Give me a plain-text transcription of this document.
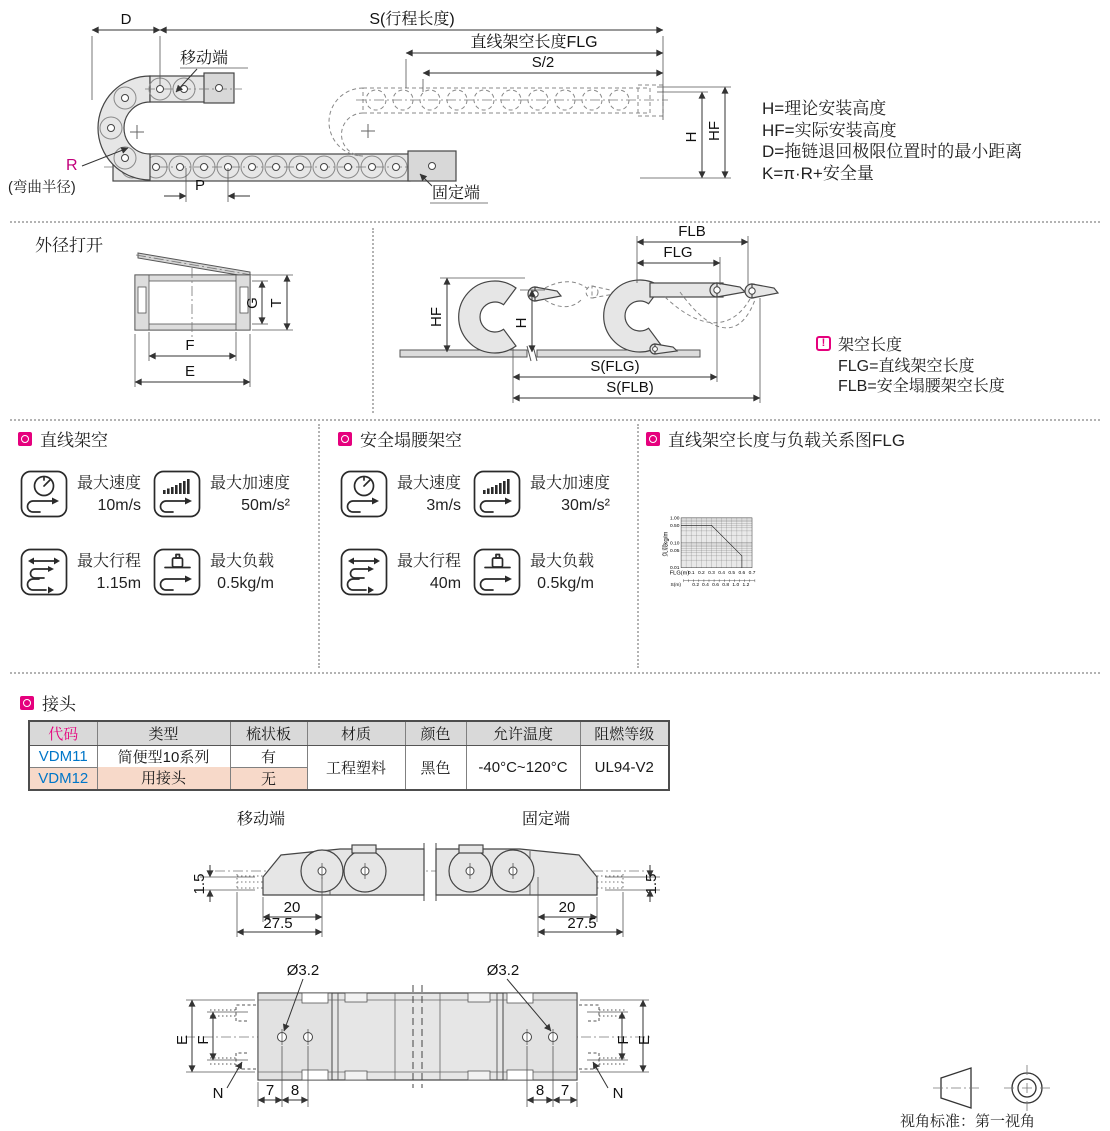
D	S(行程长度)
直线架空长度FLG
S/2
H HF
P
R
(弯曲半径)
移动端
固定端
H=理论安装高度
HF=实际安装高度
D=拖链退回极限位置时的最小距离
K=π·R+安全量
外径打开
G T
F
E
HF	H
FLB
FLG
S(FLG)
S(FLB)
! 架空长度
FLG=直线架空长度
FLB=安全塌腰架空长度
直线架空	安全塌腰架空	直线架空长度与负载关系图FLG
最大速度
10m/s
最大加速度
50m/s²
最大行程
1.15m
最大负载
0.5kg/m
最大速度
3m/s
最大加速度
30m/s²
最大行程
40m
最大负载
0.5kg/m
1.00
0.50
0.10
0.05
0.01
负载kg/m
FLG(m)
0.1 0.2 0.3 0.4 0.5 0.6 0.7
S(m) 0.2 0.4 0.6 0.8 1.0 1.2
接头
代码	类型	梳状板	材质	颜色	允许温度	阻燃等级
VDM11	简便型10系列	有	工程塑料	黑色	-40°C~120°C	UL94-V2
VDM12	用接头	无				
移动端	固定端
1.5	1.5
20
27.5
20
27.5
Ø3.2	Ø3.2
E F	E
F
N	N
7 8	8 7
视角标准：第一视角
